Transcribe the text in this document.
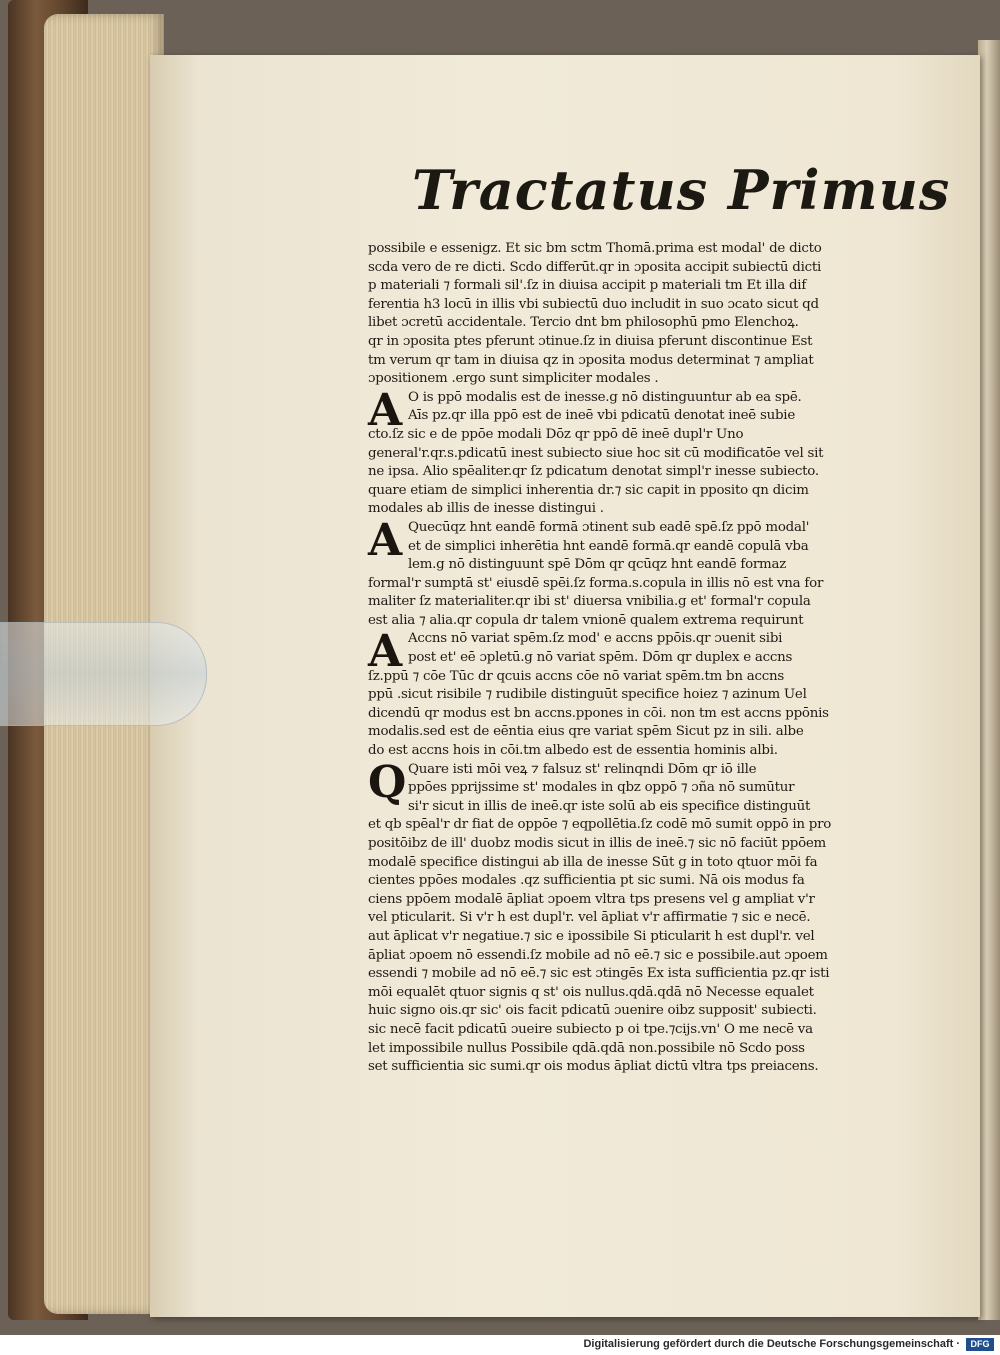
Tractatus Primus
possibile e essenigz. Et sic bm sctm Thomā.prima est modal' de dicto
scda vero de re dicti. Scdo differūt.qr in ɔposita accipit subiectū dicti
p materiali ⁊ formali sil'.ſz in diuisa accipit p materiali tm Et illa dif
ferentia h3 locū in illis vbi subiectū duo includit in suo ɔcato sicut qd
libet ɔcretū accidentale. Tercio dnt bm philosophū pmo Elenchoꝝ.
qr in ɔposita ptes pferunt ɔtinue.ſz in diuisa pferunt discontinue Est
tm verum qr tam in diuisa qz in ɔposita modus determinat ⁊ ampliat
ɔpositionem .ergo sunt simpliciter modales .
A O is ppō modalis est de inesse.g nō distinguuntur ab ea spē.
Aīs pz.qr illa ppō est de ineē vbi pdicatū denotat ineē subie
cto.ſz sic e de ppōe modali Dōz qr ppō dē ineē dupl'r Uno
general'r.qr.s.pdicatū inest subiecto siue hoc sit cū modificatōe vel sit
ne ipsa. Alio spēaliter.qr ſz pdicatum denotat simpl'r inesse subiecto.
quare etiam de simplici inherentia dr.⁊ sic capit in pposito qn dicim
modales ab illis de inesse distingui .
A Quecūqz hnt eandē formā ɔtinent sub eadē spē.ſz ppō modal'
et de simplici inherētia hnt eandē formā.qr eandē copulā vba
lem.g nō distinguunt spē Dōm qr qcūqz hnt eandē formaz
formal'r sumptā st' eiusdē spēi.ſz forma.s.copula in illis nō est vna for
maliter ſz materialiter.qr ibi st' diuersa vnibilia.g et' formal'r copula
est alia ⁊ alia.qr copula dr talem vnionē qualem extrema requirunt
A Accns nō variat spēm.ſz mod' e accns ppōis.qr ɔuenit sibi
post et' eē ɔpletū.g nō variat spēm. Dōm qr duplex e accns
ſz.ppū ⁊ cōe Tūc dr qcuis accns cōe nō variat spēm.tm bn accns
ppū .sicut risibile ⁊ rudibile distinguūt specifice hoiez ⁊ azinum Uel
dicendū qr modus est bn accns.ppones in cōi. non tm est accns ppōnis
modalis.sed est de eēntia eius qre variat spēm Sicut pz in sili. albe
do est accns hois in cōi.tm albedo est de essentia hominis albi.
Q Quare isti mōi veꝝ ⁊ falsuz st' relinqndi Dōm qr iō ille
ppōes pprijssime st' modales in qbz oppō ⁊ ɔña nō sumūtur
si'r sicut in illis de ineē.qr iste solū ab eis specifice distinguūt
et qb spēal'r dr fiat de oppōe ⁊ eqpollētia.ſz codē mō sumit oppō in pro
positōibz de ill' duobz modis sicut in illis de ineē.⁊ sic nō faciūt ppōem
modalē specifice distingui ab illa de inesse Sūt g in toto qtuor mōi fa
cientes ppōes modales .qz sufficientia pt sic sumi. Nā ois modus fa
ciens ppōem modalē āpliat ɔpoem vltra tps presens vel g ampliat v'r
vel pticularit. Si v'r h est dupl'r. vel āpliat v'r affirmatie ⁊ sic e necē.
aut āplicat v'r negatiue.⁊ sic e ipossibile Si pticularit h est dupl'r. vel
āpliat ɔpoem nō essendi.ſz mobile ad nō eē.⁊ sic e possibile.aut ɔpoem
essendi ⁊ mobile ad nō eē.⁊ sic est ɔtingēs Ex ista sufficientia pz.qr isti
mōi equalēt qtuor signis q st' ois nullus.qdā.qdā nō Necesse equalet
huic signo ois.qr sic' ois facit pdicatū ɔuenire oibz supposit' subiecti.
sic necē facit pdicatū ɔueire subiecto p oi tpe.⁊cijs.vn' O me necē va
let impossibile nullus Possibile qdā.qdā non.possibile nō Scdo poss
set sufficientia sic sumi.qr ois modus āpliat dictū vltra tps preiacens.
Digitalisierung gefördert durch die Deutsche Forschungsgemeinschaft ·	DFG
